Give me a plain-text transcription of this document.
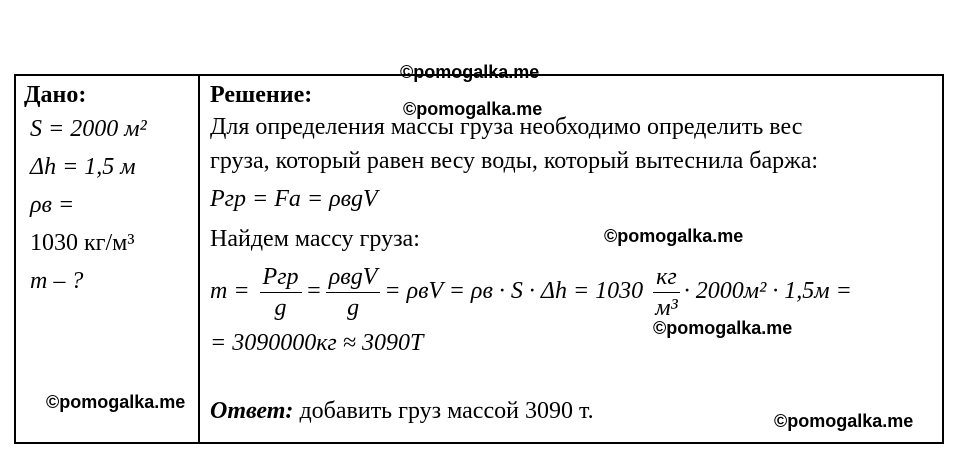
Дано:
S = 2000 м²
Δh = 1,5 м
ρв =
1030 кг/м³
m – ?
Решение:
Для определения массы груза необходимо определить вес
груза, который равен весу воды, который вытеснила баржа:
Pгр = Fа = ρвgV
Найдем массу груза:
$m = \frac{\text{Pгр}}{g} = \frac{\text{ρвgV}}{g} = \rho вV = \rho в \cdot S \cdot \Delta h = 1030 \frac{кг}{\text{м³}} \cdot 2000м^2 \cdot 1,5м$ =
= 3090000кг ≈ 3090Т
Ответ: добавить груз массой 3090 т.
©pomogalka.me
©pomogalka.me
©pomogalka.me
©pomogalka.me
©pomogalka.me
©pomogalka.me
